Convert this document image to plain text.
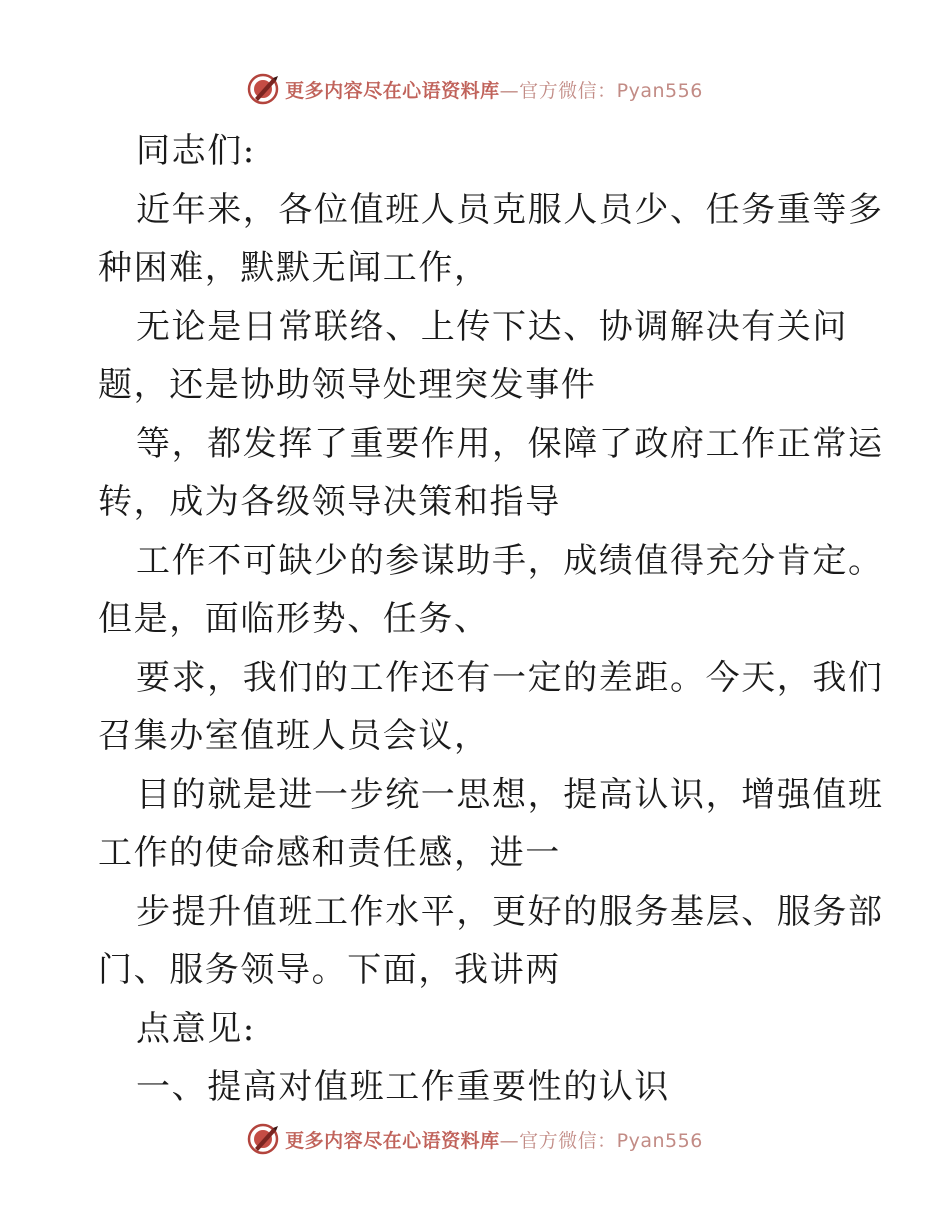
更多内容尽在心语资料库—官方微信：Pyan556

同志们:
近年来，各位值班人员克服人员少、任务重等多
种困难，默默无闻工作，
无论是日常联络、上传下达、协调解决有关问
题，还是协助领导处理突发事件
等，都发挥了重要作用，保障了政府工作正常运
转，成为各级领导决策和指导
工作不可缺少的参谋助手，成绩值得充分肯定。
但是，面临形势、任务、
要求，我们的工作还有一定的差距。今天，我们
召集办室值班人员会议，
目的就是进一步统一思想，提高认识，增强值班
工作的使命感和责任感，进一
步提升值班工作水平，更好的服务基层、服务部
门、服务领导。下面，我讲两
点意见:
一、提高对值班工作重要性的认识

更多内容尽在心语资料库—官方微信：Pyan556
